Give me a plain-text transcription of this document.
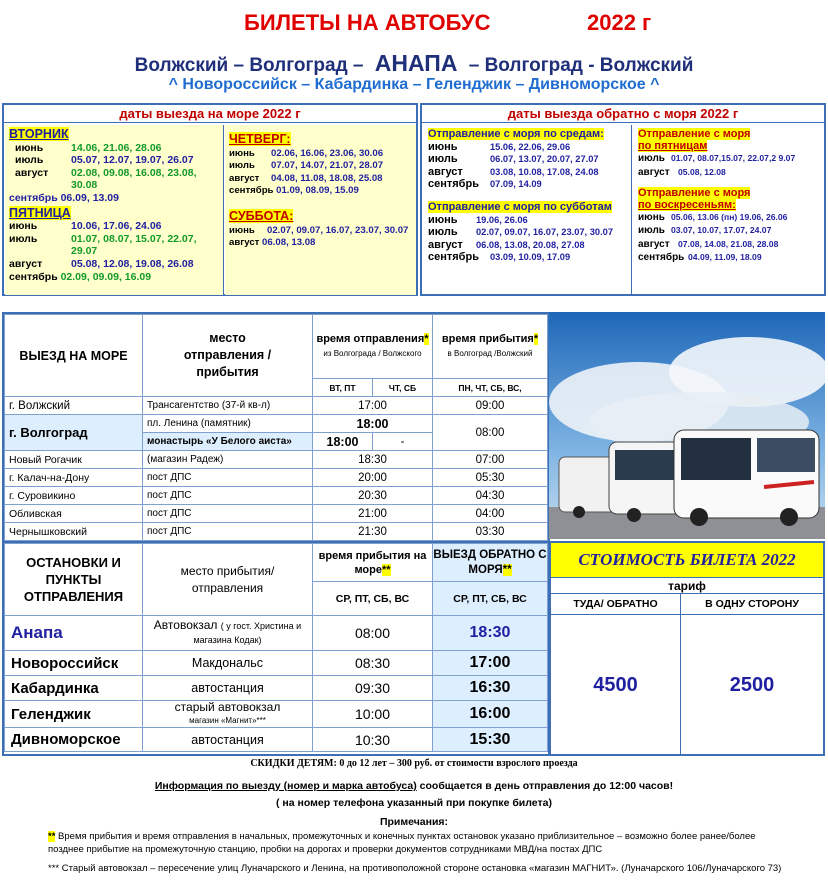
БИЛЕТЫ НА АВТОБУС	2022 г
Волжский – Волгоград – АНАПА – Волгоград - Волжский
^ Новороссийск – Кабардинка – Геленджик – Дивноморское ^
даты выезда на море 2022 г
ВТОРНИК
июнь	14.06, 21.06, 28.06
июль	05.07, 12.07, 19.07, 26.07
август 02.08, 09.08, 16.08, 23.08,
30.08
сентябрь 06.09, 13.09
ПЯТНИЦА
июнь	10.06, 17.06, 24.06
июль	01.07, 08.07, 15.07, 22.07,
29.07
август	05.08, 12.08, 19.08, 26.08
сентябрь 02.09, 09.09, 16.09
ЧЕТВЕРГ:
июнь 02.06, 16.06, 23.06, 30.06
июль 07.07, 14.07, 21.07, 28.07
август 04.08, 11.08, 18.08, 25.08
сентябрь 01.09, 08.09, 15.09
СУББОТА:
июнь 02.07, 09.07, 16.07, 23.07, 30.07
август 06.08, 13.08
даты выезда обратно с моря 2022 г
Отправление с моря по средам:
июнь	15.06, 22.06, 29.06
июль	06.07, 13.07, 20.07, 27.07
август	03.08, 10.08, 17.08, 24.08
сентябрь 07.09, 14.09
Отправление с моря по субботам
июнь 19.06, 26.06
июль 02.07, 09.07, 16.07, 23.07, 30.07
август 06.08, 13.08, 20.08, 27.08
сентябрь 03.09, 10.09, 17.09
Отправление с моря
по пятницам
июль 01.07, 08.07,15.07, 22.07,2 9.07
август 05.08, 12.08
Отправление с моря
по воскресеньям:
июнь 05.06, 13.06 (пн) 19.06, 26.06
июль 03.07, 10.07, 17.07, 24.07
август 07.08, 14.08, 21.08, 28.08
сентябрь 04.09, 11.09, 18.09
ВЫЕЗД НА МОРЕ	место отправления /прибытия	время отправления*
из Волгограда / Волжского		время прибытия*
в Волгоград /Волжский
		ВТ, ПТ	ЧТ, СБ	ПН, ЧТ, СБ, ВС,
г. Волжский	Трансагентство (37-й кв-л)	17:00		09:00
г. Волгоград	пл. Ленина (памятник)	18:00		08:00
	монастырь «У Белого аиста»	18:00	-	
Новый Рогачик	(магазин Радеж)	18:30		07:00
г. Калач-на-Дону	пост ДПС	20:00		05:30
г. Суровикино	пост ДПС	20:30		04:30
Обливская	пост ДПС	21:00		04:00
Чернышковский	пост ДПС	21:30		03:30
ОСТАНОВКИ И ПУНКТЫ ОТПРАВЛЕНИЯ	место прибытия/ отправления	время прибытия на море**	ВЫЕЗД ОБРАТНО С МОРЯ**
		СР, ПТ, СБ, ВС	СР, ПТ, СБ, ВС
Анапа	Автовокзал ( у гост. Христина и магазина Кодак)	08:00	18:30
Новороссийск	Макдональс	08:30	17:00
Кабардинка	автостанция	09:30	16:30
Геленджик	старый автовокзал
магазин «Магнит»***	10:00	16:00
Дивноморское	автостанция	10:30	15:30
СТОИМОСТЬ БИЛЕТА 2022
тариф
ТУДА/ ОБРАТНО	В ОДНУ СТОРОНУ
4500	2500
СКИДКИ ДЕТЯМ: 0 до 12 лет – 300 руб. от стоимости взрослого проезда
Информация по выезду (номер и марка автобуса) сообщается в день отправления до 12:00 часов!
( на номер телефона указанный при покупке билета)
Примечания:
** Время прибытия и время отправления в начальных, промежуточных и конечных пунктах остановок указано приблизительное – возможно более ранее/более позднее прибытие на промежуточную станцию, пробки на дорогах и проверки документов сотрудниками МВД/на постах ДПС
*** Старый автовокзал – пересечение улиц Луначарского и Ленина, на противоположной стороне остановка «магазин МАГНИТ». (Луначарского 106/Луначарского 73)
